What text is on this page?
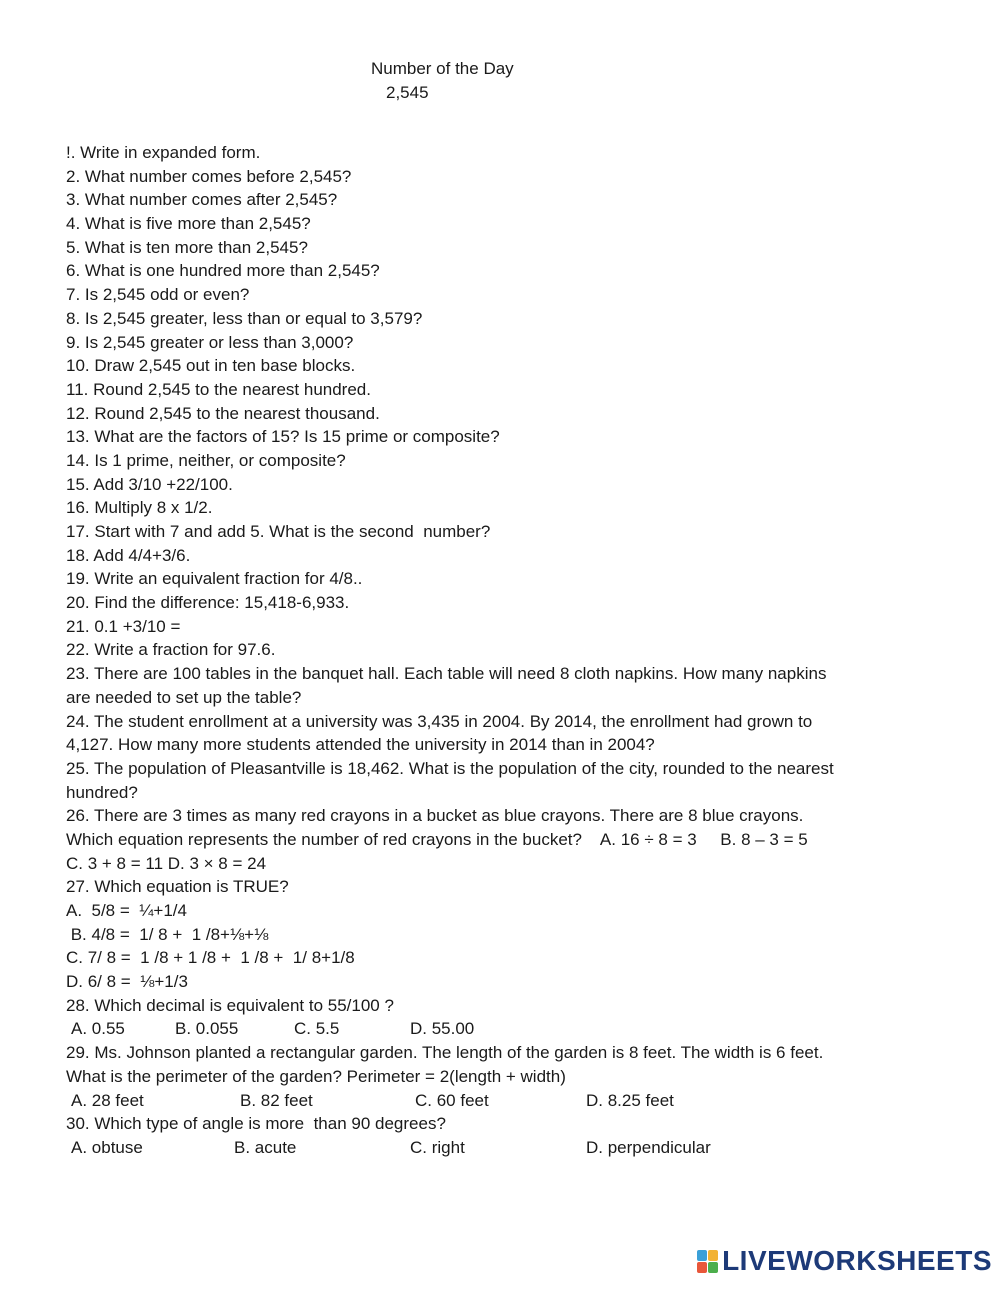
Number of the Day
2,545
!. Write in expanded form.
2. What number comes before 2,545?
3. What number comes after 2,545?
4. What is five more than 2,545?
5. What is ten more than 2,545?
6. What is one hundred more than 2,545?
7. Is 2,545 odd or even?
8. Is 2,545 greater, less than or equal to 3,579?
9. Is 2,545 greater or less than 3,000?
10. Draw 2,545 out in ten base blocks.
11. Round 2,545 to the nearest hundred.
12. Round 2,545 to the nearest thousand.
13. What are the factors of 15? Is 15 prime or composite?
14. Is 1 prime, neither, or composite?
15. Add 3/10 +22/100.
16. Multiply 8 x 1/2.
17. Start with 7 and add 5. What is the second  number?
18. Add 4/4+3/6.
19. Write an equivalent fraction for 4/8..
20. Find the difference: 15,418-6,933.
21. 0.1 +3/10 =
22. Write a fraction for 97.6.
23. There are 100 tables in the banquet hall. Each table will need 8 cloth napkins. How many napkins
are needed to set up the table?
24. The student enrollment at a university was 3,435 in 2004. By 2014, the enrollment had grown to
4,127. How many more students attended the university in 2014 than in 2004?
25. The population of Pleasantville is 18,462. What is the population of the city, rounded to the nearest
hundred?
26. There are 3 times as many red crayons in a bucket as blue crayons. There are 8 blue crayons.
Which equation represents the number of red crayons in the bucket?    A. 16 ÷ 8 = 3     B. 8 – 3 = 5
C. 3 + 8 = 11 D. 3 × 8 = 24
27. Which equation is TRUE?
A.  5/8 =  ¼+1/4
B. 4/8 =  1/ 8 +  1 /8+⅛+⅛
C. 7/ 8 =  1 /8 + 1 /8 +  1 /8 +  1/ 8+1/8
D. 6/ 8 =  ⅛+1/3
28. Which decimal is equivalent to 55/100 ?
A. 0.55	B. 0.055	C. 5.5	D. 55.00
29. Ms. Johnson planted a rectangular garden. The length of the garden is 8 feet. The width is 6 feet.
What is the perimeter of the garden? Perimeter = 2(length + width)
A. 28 feet	B. 82 feet	C. 60 feet	D. 8.25 feet
30. Which type of angle is more  than 90 degrees?
A. obtuse	B. acute	C. right	D. perpendicular
LIVEWORKSHEETS
